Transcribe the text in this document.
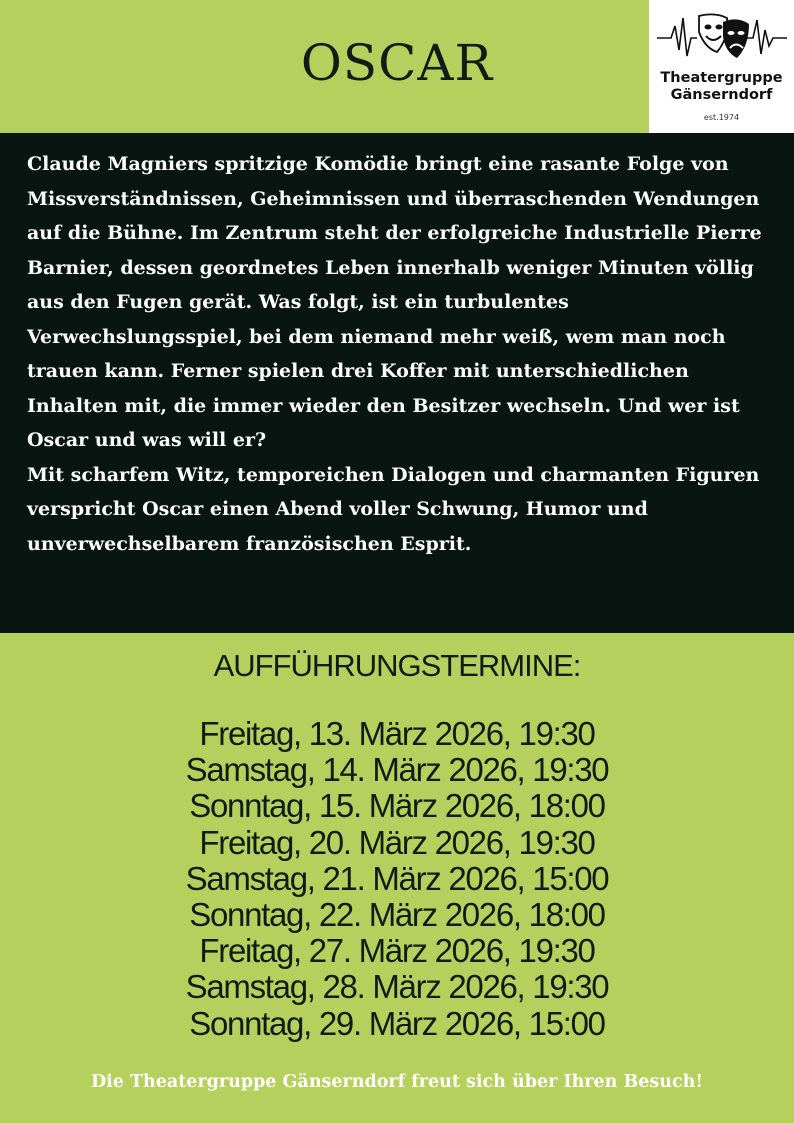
OSCAR	Theatergruppe
Gänserndorf
est.1974

Claude Magniers spritzige Komödie bringt eine rasante Folge von Missverständnissen, Geheimnissen und überraschenden Wendungen auf die Bühne. Im Zentrum steht der erfolgreiche Industrielle Pierre Barnier, dessen geordnetes Leben innerhalb weniger Minuten völlig aus den Fugen gerät. Was folgt, ist ein turbulentes Verwechslungsspiel, bei dem niemand mehr weiß, wem man noch trauen kann. Ferner spielen drei Koffer mit unterschiedlichen Inhalten mit, die immer wieder den Besitzer wechseln. Und wer ist Oscar und was will er?

Mit scharfem Witz, temporeichen Dialogen und charmanten Figuren verspricht Oscar einen Abend voller Schwung, Humor und unverwechselbarem französischen Esprit.

AUFFÜHRUNGSTERMINE:
Freitag, 13. März 2026, 19:30
Samstag, 14. März 2026, 19:30
Sonntag, 15. März 2026, 18:00
Freitag, 20. März 2026, 19:30
Samstag, 21. März 2026, 15:00
Sonntag, 22. März 2026, 18:00
Freitag, 27. März 2026, 19:30
Samstag, 28. März 2026, 19:30
Sonntag, 29. März 2026, 15:00
Die Theatergruppe Gänserndorf freut sich über Ihren Besuch!
